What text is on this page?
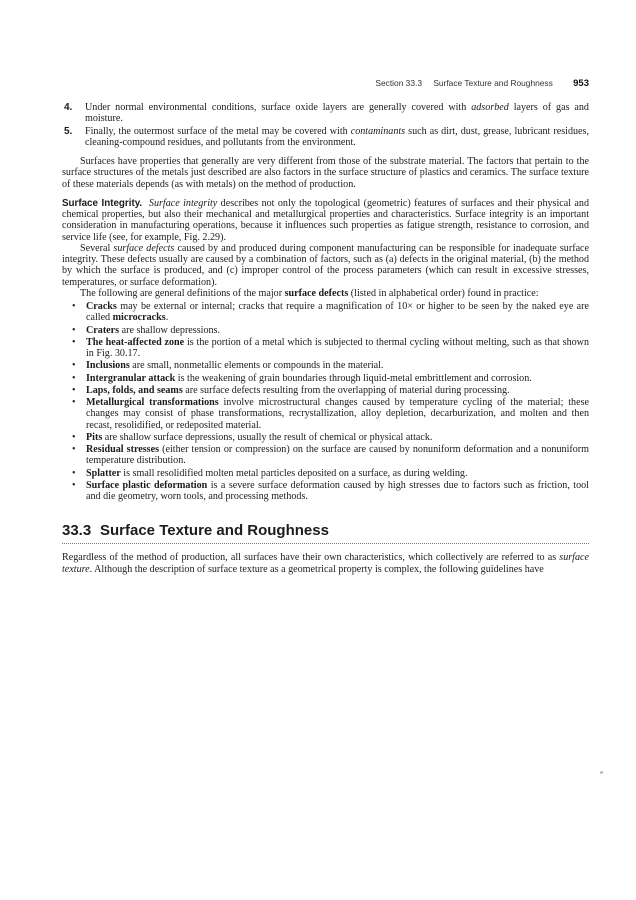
Section 33.3 Surface Texture and Roughness 953
4. Under normal environmental conditions, surface oxide layers are generally covered with adsorbed layers of gas and moisture.
5. Finally, the outermost surface of the metal may be covered with contaminants such as dirt, dust, grease, lubricant residues, cleaning-compound residues, and pollutants from the environment.

Surfaces have properties that generally are very different from those of the substrate material. The factors that pertain to the surface structures of the metals just described are also factors in the surface structure of plastics and ceramics. The surface texture of these materials depends (as with metals) on the method of production.

Surface Integrity. Surface integrity describes not only the topological (geometric) features of surfaces and their physical and chemical properties, but also their mechanical and metallurgical properties and characteristics. Surface integrity is an important consideration in manufacturing operations, because it influences such properties as fatigue strength, resistance to corrosion, and service life (see, for example, Fig. 2.29).

Several surface defects caused by and produced during component manufacturing can be responsible for inadequate surface integrity. These defects usually are caused by a combination of factors, such as (a) defects in the original material, (b) the method by which the surface is produced, and (c) improper control of the process parameters (which can result in excessive stresses, temperatures, or surface deformation).

The following are general definitions of the major surface defects (listed in alphabetical order) found in practice:

• Cracks may be external or internal; cracks that require a magnification of 10× or higher to be seen by the naked eye are called microcracks.
• Craters are shallow depressions.
• The heat-affected zone is the portion of a metal which is subjected to thermal cycling without melting, such as that shown in Fig. 30.17.
• Inclusions are small, nonmetallic elements or compounds in the material.
• Intergranular attack is the weakening of grain boundaries through liquid-metal embrittlement and corrosion.
• Laps, folds, and seams are surface defects resulting from the overlapping of material during processing.
• Metallurgical transformations involve microstructural changes caused by temperature cycling of the material; these changes may consist of phase transformations, recrystallization, alloy depletion, decarburization, and molten and then recast, resolidified, or redeposited material.
• Pits are shallow surface depressions, usually the result of chemical or physical attack.
• Residual stresses (either tension or compression) on the surface are caused by nonuniform deformation and a nonuniform temperature distribution.
• Splatter is small resolidified molten metal particles deposited on a surface, as during welding.
• Surface plastic deformation is a severe surface deformation caused by high stresses due to factors such as friction, tool and die geometry, worn tools, and processing methods.
33.3 Surface Texture and Roughness

Regardless of the method of production, all surfaces have their own characteristics, which collectively are referred to as surface texture. Although the description of surface texture as a geometrical property is complex, the following guidelines have
